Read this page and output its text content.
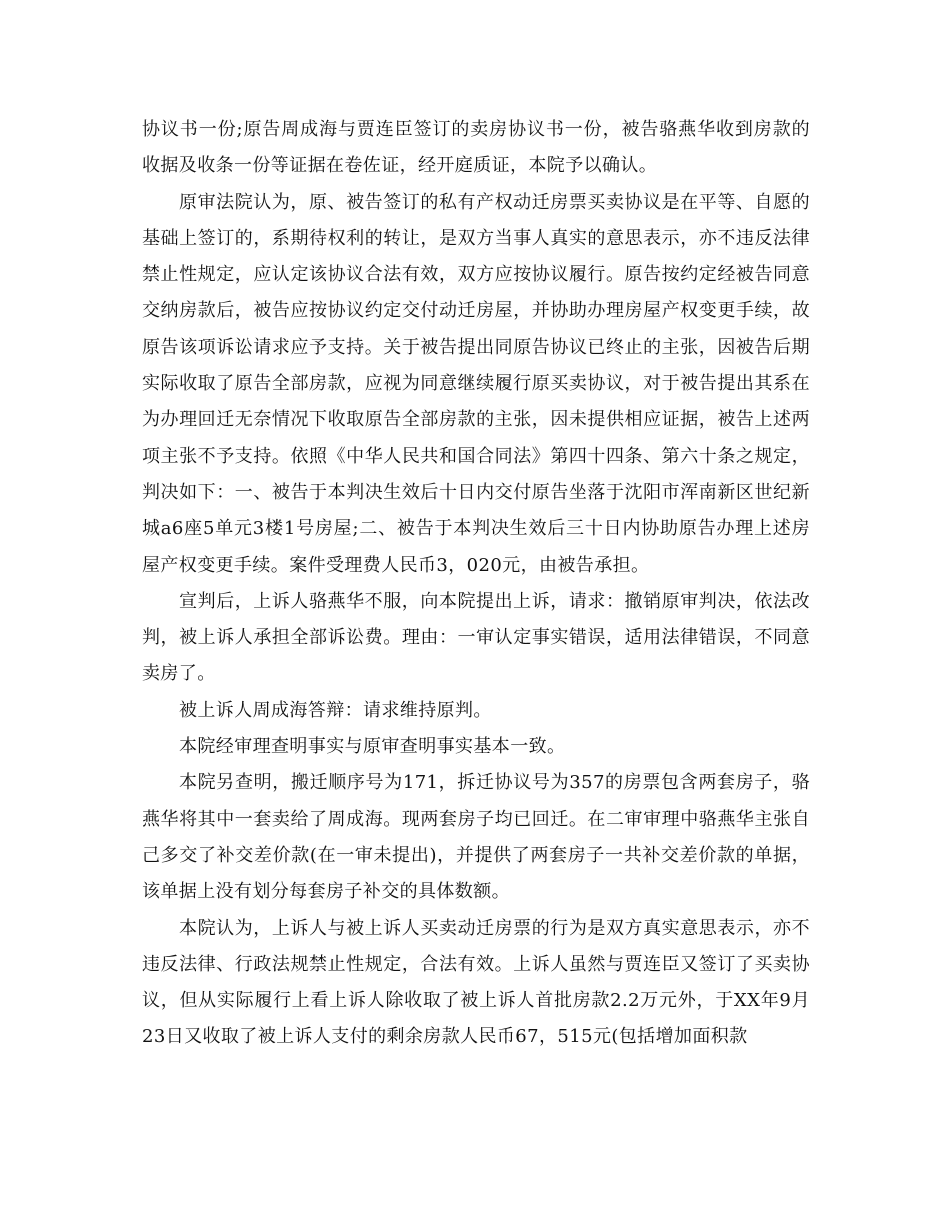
协议书一份;原告周成海与贾连臣签订的卖房协议书一份，被告骆燕华收到房款的收据及收条一份等证据在卷佐证，经开庭质证，本院予以确认。

原审法院认为，原、被告签订的私有产权动迁房票买卖协议是在平等、自愿的基础上签订的，系期待权利的转让，是双方当事人真实的意思表示，亦不违反法律禁止性规定，应认定该协议合法有效，双方应按协议履行。原告按约定经被告同意交纳房款后，被告应按协议约定交付动迁房屋，并协助办理房屋产权变更手续，故原告该项诉讼请求应予支持。关于被告提出同原告协议已终止的主张，因被告后期实际收取了原告全部房款，应视为同意继续履行原买卖协议，对于被告提出其系在为办理回迁无奈情况下收取原告全部房款的主张，因未提供相应证据，被告上述两项主张不予支持。依照《中华人民共和国合同法》第四十四条、第六十条之规定，判决如下：一、被告于本判决生效后十日内交付原告坐落于沈阳市浑南新区世纪新城a6座5单元3楼1号房屋;二、被告于本判决生效后三十日内协助原告办理上述房屋产权变更手续。案件受理费人民币3，020元，由被告承担。

宣判后，上诉人骆燕华不服，向本院提出上诉，请求：撤销原审判决，依法改判，被上诉人承担全部诉讼费。理由：一审认定事实错误，适用法律错误，不同意卖房了。

被上诉人周成海答辩：请求维持原判。

本院经审理查明事实与原审查明事实基本一致。

本院另查明，搬迁顺序号为171，拆迁协议号为357的房票包含两套房子，骆燕华将其中一套卖给了周成海。现两套房子均已回迁。在二审审理中骆燕华主张自己多交了补交差价款(在一审未提出)，并提供了两套房子一共补交差价款的单据，该单据上没有划分每套房子补交的具体数额。

本院认为，上诉人与被上诉人买卖动迁房票的行为是双方真实意思表示，亦不违反法律、行政法规禁止性规定，合法有效。上诉人虽然与贾连臣又签订了买卖协议，但从实际履行上看上诉人除收取了被上诉人首批房款2.2万元外，于XX年9月23日又收取了被上诉人支付的剩余房款人民币67，515元(包括增加面积款
